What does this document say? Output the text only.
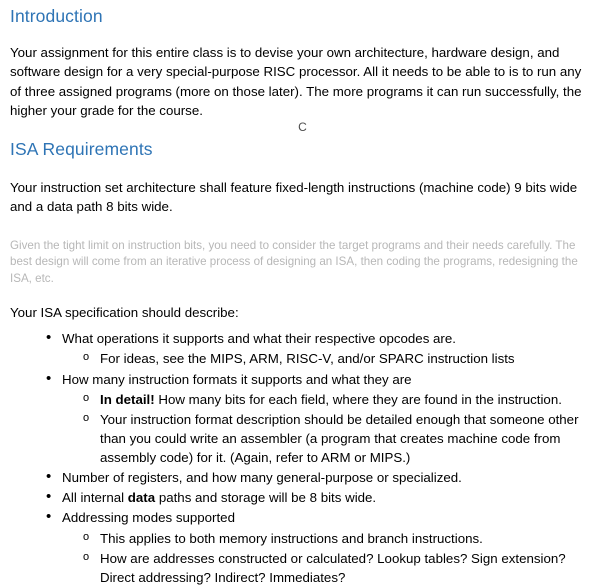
Introduction

Your assignment for this entire class is to devise your own architecture, hardware design, and software design for a very special-purpose RISC processor. All it needs to be able to is to run any of three assigned programs (more on those later). The more programs it can run successfully, the higher your grade for the course.

C
ISA Requirements

Your instruction set architecture shall feature fixed-length instructions (machine code) 9 bits wide and a data path 8 bits wide.

Given the tight limit on instruction bits, you need to consider the target programs and their needs carefully. The best design will come from an iterative process of designing an ISA, then coding the programs, redesigning the ISA, etc.

Your ISA specification should describe:

• What operations it supports and what their respective opcodes are.
o For ideas, see the MIPS, ARM, RISC-V, and/or SPARC instruction lists
• How many instruction formats it supports and what they are
o In detail! How many bits for each field, where they are found in the instruction.
o Your instruction format description should be detailed enough that someone other than you could write an assembler (a program that creates machine code from assembly code) for it. (Again, refer to ARM or MIPS.)
• Number of registers, and how many general-purpose or specialized.
• All internal data paths and storage will be 8 bits wide.
• Addressing modes supported
o This applies to both memory instructions and branch instructions.
o How are addresses constructed or calculated? Lookup tables? Sign extension? Direct addressing? Indirect? Immediates?
